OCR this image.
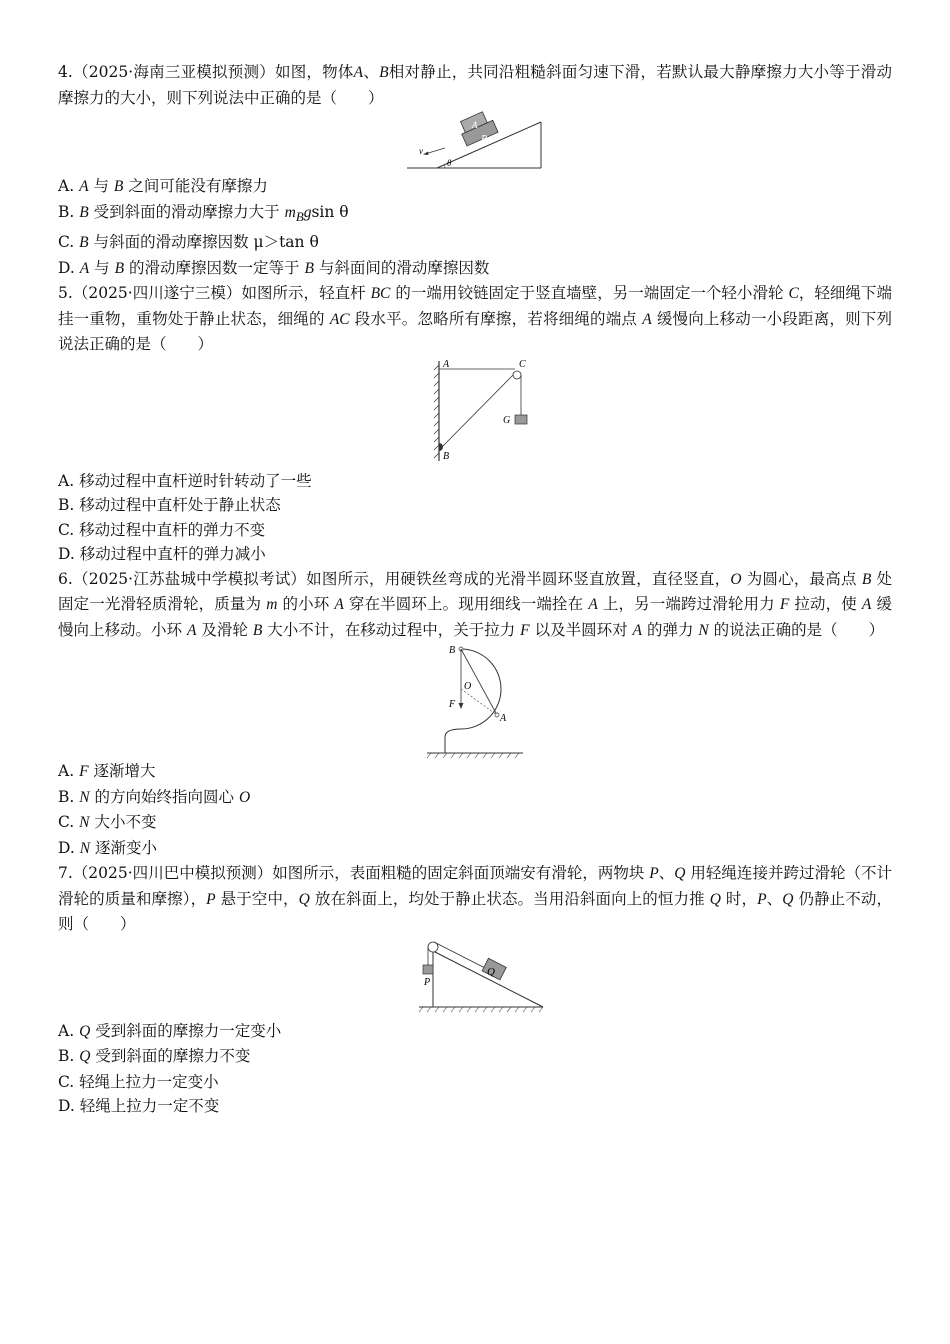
4.（2025·海南三亚模拟预测）如图，物体A、B相对静止，共同沿粗糙斜面匀速下滑，若默认最大静摩擦力大小等于滑动摩擦力的大小，则下列说法中正确的是（　　）

B
A
v
θ

A. A 与 B 之间可能没有摩擦力

B. B 受到斜面的滑动摩擦力大于 $m_Bgsin$ θ

C. B 与斜面的滑动摩擦因数 μ＞tan θ

D. A 与 B 的滑动摩擦因数一定等于 B 与斜面间的滑动摩擦因数

5.（2025·四川遂宁三模）如图所示，轻直杆 BC 的一端用铰链固定于竖直墙壁，另一端固定一个轻小滑轮 C，轻细绳下端挂一重物，重物处于静止状态，细绳的 AC 段水平。忽略所有摩擦，若将细绳的端点 A 缓慢向上移动一小段距离，则下列说法正确的是（　　）

A	C
G
B

A. 移动过程中直杆逆时针转动了一些

B. 移动过程中直杆处于静止状态

C. 移动过程中直杆的弹力不变

D. 移动过程中直杆的弹力减小

6.（2025·江苏盐城中学模拟考试）如图所示，用硬铁丝弯成的光滑半圆环竖直放置，直径竖直，O 为圆心，最高点 B 处固定一光滑轻质滑轮，质量为 m 的小环 A 穿在半圆环上。现用细线一端拴在 A 上，另一端跨过滑轮用力 F 拉动，使 A 缓慢向上移动。小环 A 及滑轮 B 大小不计，在移动过程中，关于拉力 F 以及半圆环对 A 的弹力 N 的说法正确的是（　　）

B
O
F
A

A. F 逐渐增大

B. N 的方向始终指向圆心 O

C. N 大小不变

D. N 逐渐变小

7.（2025·四川巴中模拟预测）如图所示，表面粗糙的固定斜面顶端安有滑轮，两物块 P、Q 用轻绳连接并跨过滑轮（不计滑轮的质量和摩擦），P 悬于空中，Q 放在斜面上，均处于静止状态。当用沿斜面向上的恒力推 Q 时，P、Q 仍静止不动，则（　　）

P
Q

A. Q 受到斜面的摩擦力一定变小

B. Q 受到斜面的摩擦力不变

C. 轻绳上拉力一定变小

D. 轻绳上拉力一定不变
